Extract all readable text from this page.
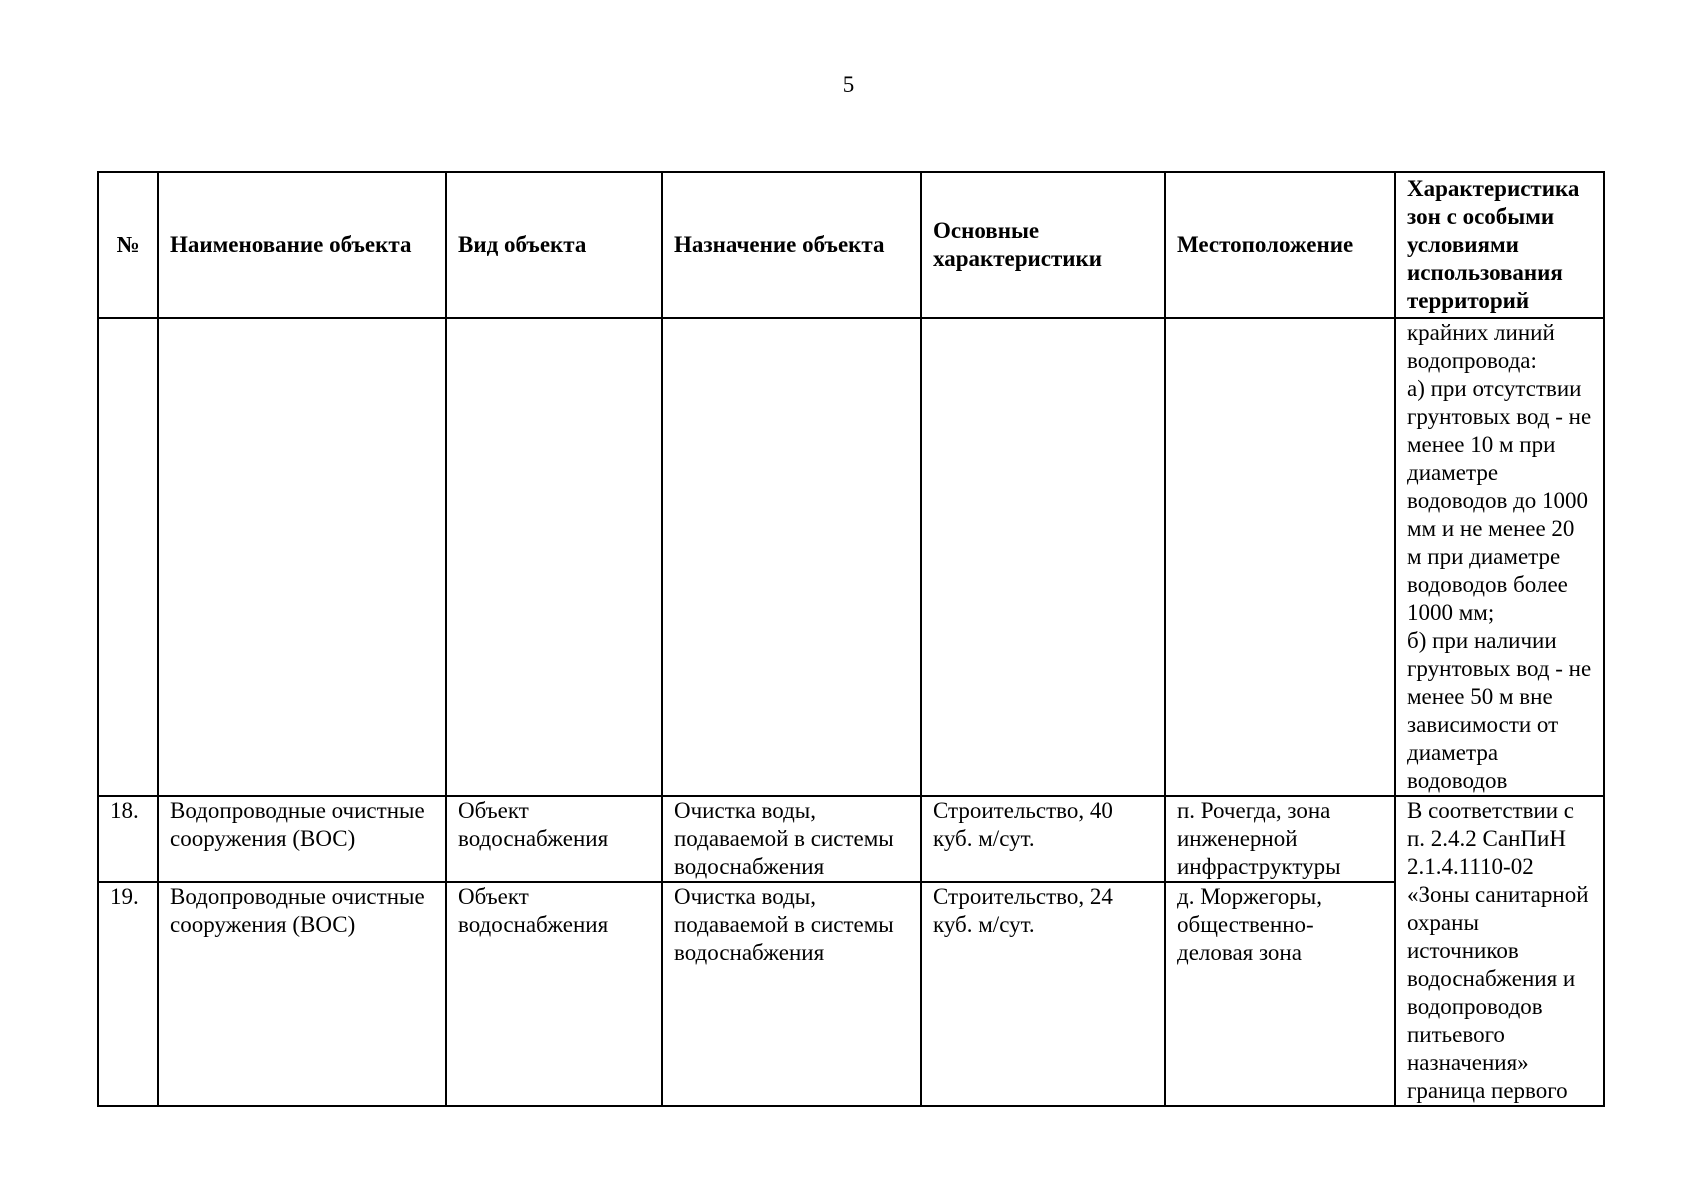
5
№	Наименование объекта	Вид объекта	Назначение объекта	Основные характеристики	Местоположение	Характеристика зон с особыми условиями использования территорий
						крайних линий водопровода:
а) при отсутствии грунтовых вод - не менее 10 м при диаметре водоводов до 1000 мм и не менее 20 м при диаметре водоводов более 1000 мм;
б) при наличии грунтовых вод - не менее 50 м вне зависимости от диаметра водоводов
18.	Водопроводные очистные сооружения (ВОС)	Объект водоснабжения	Очистка воды, подаваемой в системы водоснабжения	Строительство, 40 куб. м/сут.	п. Рочегда, зона инженерной инфраструктуры	В соответствии с п. 2.4.2 СанПиН 2.1.4.1110-02 «Зоны санитарной охраны источников водоснабжения и водопроводов питьевого назначения» граница первого
19.	Водопроводные очистные сооружения (ВОС)	Объект водоснабжения	Очистка воды, подаваемой в системы водоснабжения	Строительство, 24 куб. м/сут.	д. Моржегоры, общественно-деловая зона	
